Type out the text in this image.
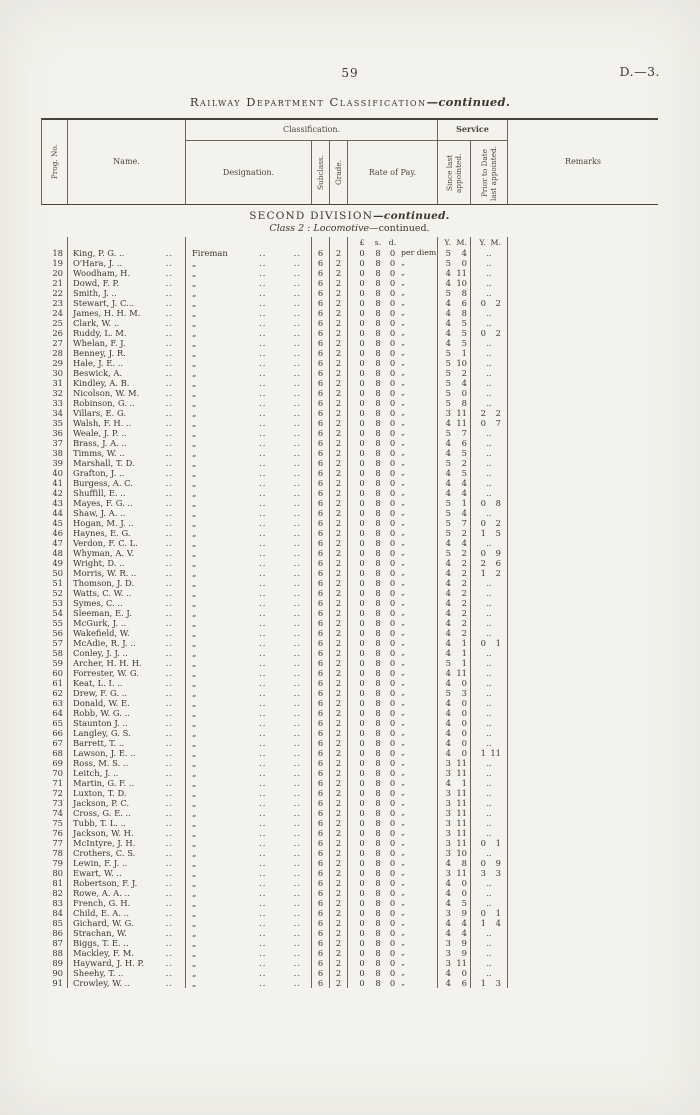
59	D.—3.
Railway Department Classification—continued.
Prog. No.	Name.
Classification.
Designation.	Subclass. Grade.	Rate of Pay.
Service
Since last appointed. Prior to Date last appointed.	Remarks
SECOND DIVISION—continued.
Class 2 : Locomotive—continued.
£	s. d.	Y. M.	Y. M.
18	King, P. G. ..	.. Fireman	..	..	6	2	0	8	0 per diem	5	4	..
19	O'Hara, J. ..	.. „	..	..	6	2	0	8	0 „	5	0	..
20	Woodham, H.	.. „	..	..	6	2	0	8	0 „	4 11	..
21	Dowd, F. P.	.. „	..	..	6	2	0	8	0 „	4 10	..
22	Smith, J. ..	.. „	..	..	6	2	0	8	0 „	5	8	..
23	Stewart, J. C...	.. „	..	..	6	2	0	8	0 „	4	6	0	2
24	James, H. H. M.	.. „	..	..	6	2	0	8	0 „	4	8	..
25	Clark, W. ..	.. „	..	..	6	2	0	8	0 „	4	5	..
26	Ruddy, L. M.	.. „	..	..	6	2	0	8	0 „	4	5	0	2
27	Whelan, F. J.	.. „	..	..	6	2	0	8	0 „	4	5	..
28	Benney, J. R.	.. „	..	..	6	2	0	8	0 „	5	1	..
29	Hale, J. E. ..	.. „	..	..	6	2	0	8	0 „	5 10	..
30	Beswick, A.	.. „	..	..	6	2	0	8	0 „	5	2	..
31	Kindley, A. B.	.. „	..	..	6	2	0	8	0 „	5	4	..
32	Nicolson, W. M.	.. „	..	..	6	2	0	8	0 „	5	0	..
33	Robinson, G. ..	.. „	..	..	6	2	0	8	0 „	5	8	..
34	Villars, E. G.	.. „	..	..	6	2	0	8	0 „	3 11	2	2
35	Walsh, F. H. ..	.. „	..	..	6	2	0	8	0 „	4 11	0	7
36	Weale, J. P. ..	.. „	..	..	6	2	0	8	0 „	5	7	..
37	Brass, J. A. ..	.. „	..	..	6	2	0	8	0 „	4	6	..
38	Timms, W. ..	.. „	..	..	6	2	0	8	0 „	4	5	..
39	Marshall, T. D.	.. „	..	..	6	2	0	8	0 „	5	2	..
40	Grafton, J. ..	.. „	..	..	6	2	0	8	0 „	4	5	..
41	Burgess, A. C.	.. „	..	..	6	2	0	8	0 „	4	4	..
42	Shuffill, E. ..	.. „	..	..	6	2	0	8	0 „	4	4	..
43	Mayes, F. G. ..	.. „	..	..	6	2	0	8	0 „	5	1	0	8
44	Shaw, J. A. ..	.. „	..	..	6	2	0	8	0 „	5	4	..
45	Hogan, M. J. ..	.. „	..	..	6	2	0	8	0 „	5	7	0	2
46	Haynes, E. G.	.. „	..	..	6	2	0	8	0 „	5	2	1	5
47	Verdon, F. C. L.	.. „	..	..	6	2	0	8	0 „	4	4	..
48	Whyman, A. V.	.. „	..	..	6	2	0	8	0 „	5	2	0	9
49	Wright, D. ..	.. „	..	..	6	2	0	8	0 „	4	2	2	6
50	Morris, W. R. ..	.. „	..	..	6	2	0	8	0 „	4	2	1	2
51	Thomson, J. D.	.. „	..	..	6	2	0	8	0 „	4	2	..
52	Watts, C. W. ..	.. „	..	..	6	2	0	8	0 „	4	2	..
53	Symes, C. ..	.. „	..	..	6	2	0	8	0 „	4	2	..
54	Sleeman, E. J.	.. „	..	..	6	2	0	8	0 „	4	2	..
55	McGurk, J. ..	.. „	..	..	6	2	0	8	0 „	4	2	..
56	Wakefield, W.	.. „	..	..	6	2	0	8	0 „	4	2	..
57	McAdie, R. J. ..	.. „	..	..	6	2	0	8	0 „	4	1	0	1
58	Conley, J. J. ..	.. „	..	..	6	2	0	8	0 „	4	1	..
59	Archer, H. H. H.	.. „	..	..	6	2	0	8	0 „	5	1	..
60	Forrester, W. G.	.. „	..	..	6	2	0	8	0 „	4 11	..
61	Keat, L. I. ..	.. „	..	..	6	2	0	8	0 „	4	0	..
62	Drew, F. G. ..	.. „	..	..	6	2	0	8	0 „	5	3	..
63	Donald, W. E.	.. „	..	..	6	2	0	8	0 „	4	0	..
64	Robb, W. G. ..	.. „	..	..	6	2	0	8	0 „	4	0	..
65	Staunton J. ..	.. „	..	..	6	2	0	8	0 „	4	0	..
66	Langley, G. S.	.. „	..	..	6	2	0	8	0 „	4	0	..
67	Barrett, T. ..	.. „	..	..	6	2	0	8	0 „	4	0	..
68	Lawson, J. E. ..	.. „	..	..	6	2	0	8	0 „	4	0	1 11
69	Ross, M. S. ..	.. „	..	..	6	2	0	8	0 „	3 11	..
70	Leitch, J. ..	.. „	..	..	6	2	0	8	0 „	3 11	..
71	Martin, G. F. ..	.. „	..	..	6	2	0	8	0 „	4	1	..
72	Luxton, T. D.	.. „	..	..	6	2	0	8	0 „	3 11	..
73	Jackson, P. C.	.. „	..	..	6	2	0	8	0 „	3 11	..
74	Cross, G. E. ..	.. „	..	..	6	2	0	8	0 „	3 11	..
75	Tubb, T. L. ..	.. „	..	..	6	2	0	8	0 „	3 11	..
76	Jackson, W. H.	.. „	..	..	6	2	0	8	0 „	3 11	..
77	McIntyre, J. H.	.. „	..	..	6	2	0	8	0 „	3 11	0	1
78	Crothers, C. S.	.. „	..	..	6	2	0	8	0 „	3 10	..
79	Lewin, F. J. ..	.. „	..	..	6	2	0	8	0 „	4	8	0	9
80	Ewart, W. ..	.. „	..	..	6	2	0	8	0 „	3 11	3	3
81	Robertson, F. J.	.. „	..	..	6	2	0	8	0 „	4	0	..
82	Rowe, A. A. ..	.. „	..	..	6	2	0	8	0 „	4	0	..
83	French, G. H.	.. „	..	..	6	2	0	8	0 „	4	5	..
84	Child, E. A. ..	.. „	..	..	6	2	0	8	0 „	3	9	0	1
85	Gichard, W. G.	.. „	..	..	6	2	0	8	0 „	4	4	1	4
86	Strachan, W.	.. „	..	..	6	2	0	8	0 „	4	4	..
87	Biggs, T. E. ..	.. „	..	..	6	2	0	8	0 „	3	9	..
88	Mackley, F. M.	.. „	..	..	6	2	0	8	0 „	3	9	..
89	Hayward, J. H. P.	.. „	..	..	6	2	0	8	0 „	3 11	..
90	Sheehy, T. ..	.. „	..	..	6	2	0	8	0 „	4	0	..
91	Crowley, W. ..	.. „	..	..	6	2	0	8	0 „	4	6	1	3
